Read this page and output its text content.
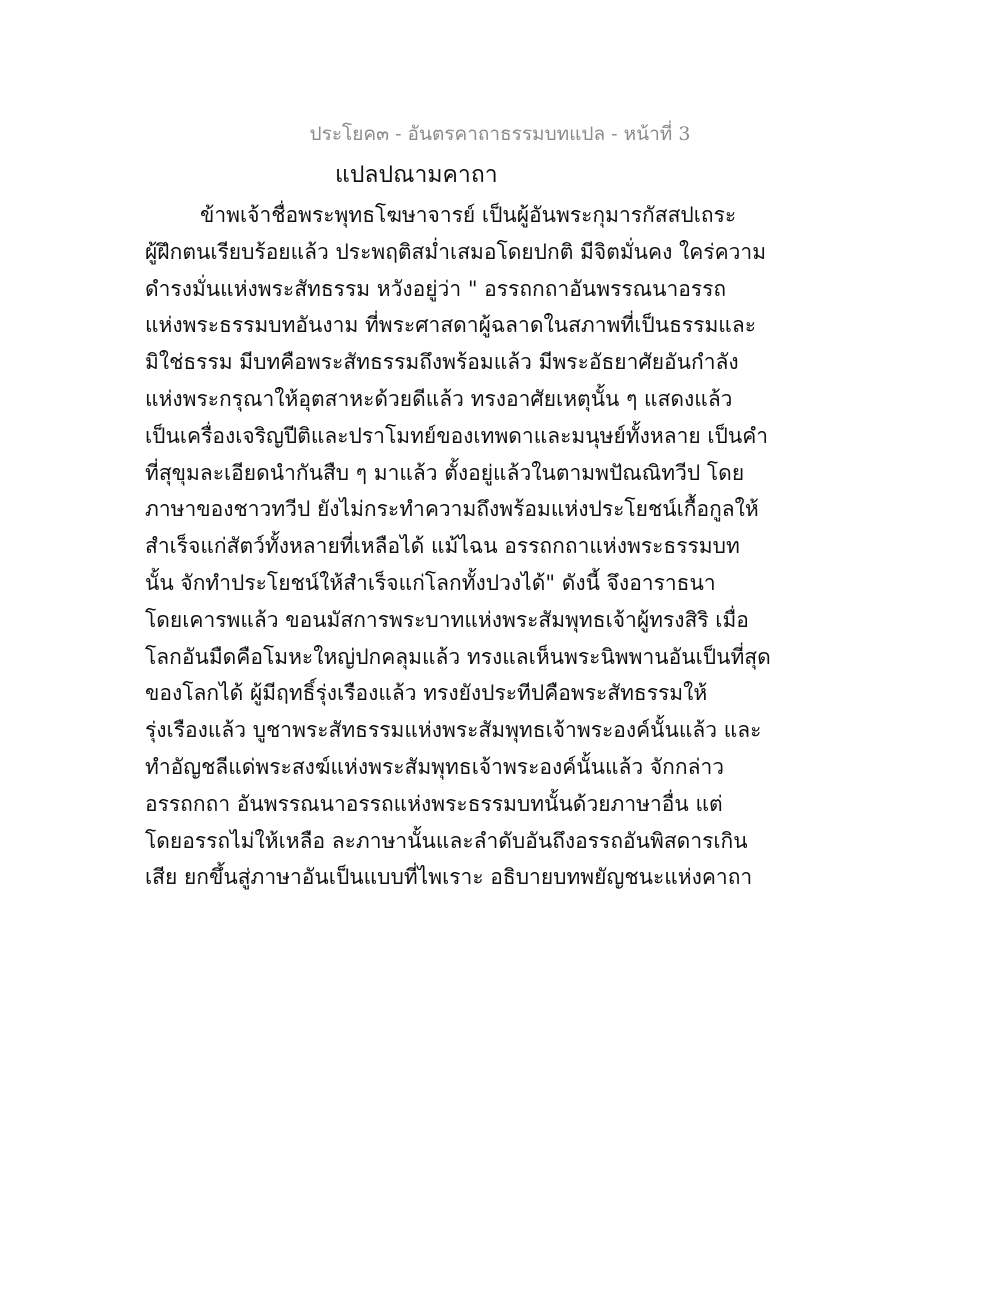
ประโยค๓ - อันตรคาถาธรรมบทแปล - หน้าที่ 3
แปลปณามคาถา
ข้าพเจ้าชื่อพระพุทธโฆษาจารย์ เป็นผู้อันพระกุมารกัสสปเถระ
ผู้ฝึกตนเรียบร้อยแล้ว ประพฤติสม่ำเสมอโดยปกติ มีจิตมั่นคง ใคร่ความ
ดำรงมั่นแห่งพระสัทธรรม หวังอยู่ว่า " อรรถกถาอันพรรณนาอรรถ
แห่งพระธรรมบทอันงาม ที่พระศาสดาผู้ฉลาดในสภาพที่เป็นธรรมและ
มิใช่ธรรม มีบทคือพระสัทธรรมถึงพร้อมแล้ว มีพระอัธยาศัยอันกำลัง
แห่งพระกรุณาให้อุตสาหะด้วยดีแล้ว ทรงอาศัยเหตุนั้น ๆ แสดงแล้ว
เป็นเครื่องเจริญปีติและปราโมทย์ของเทพดาและมนุษย์ทั้งหลาย เป็นคำ
ที่สุขุมละเอียดนำกันสืบ ๆ มาแล้ว ตั้งอยู่แล้วในตามพปัณณิทวีป โดย
ภาษาของชาวทวีป ยังไม่กระทำความถึงพร้อมแห่งประโยชน์เกื้อกูลให้
สำเร็จแก่สัตว์ทั้งหลายที่เหลือได้ แม้ไฉน อรรถกถาแห่งพระธรรมบท
นั้น จักทำประโยชน์ให้สำเร็จแก่โลกทั้งปวงได้" ดังนี้ จึงอาราธนา
โดยเคารพแล้ว ขอนมัสการพระบาทแห่งพระสัมพุทธเจ้าผู้ทรงสิริ เมื่อ
โลกอันมืดคือโมหะใหญ่ปกคลุมแล้ว ทรงแลเห็นพระนิพพานอันเป็นที่สุด
ของโลกได้ ผู้มีฤทธิ์รุ่งเรืองแล้ว ทรงยังประทีปคือพระสัทธรรมให้
รุ่งเรืองแล้ว บูชาพระสัทธรรมแห่งพระสัมพุทธเจ้าพระองค์นั้นแล้ว และ
ทำอัญชลีแด่พระสงฆ์แห่งพระสัมพุทธเจ้าพระองค์นั้นแล้ว จักกล่าว
อรรถกถา อันพรรณนาอรรถแห่งพระธรรมบทนั้นด้วยภาษาอื่น แต่
โดยอรรถไม่ให้เหลือ ละภาษานั้นและลำดับอันถึงอรรถอันพิสดารเกิน
เสีย ยกขึ้นสู่ภาษาอันเป็นแบบที่ไพเราะ อธิบายบทพยัญชนะแห่งคาถา
